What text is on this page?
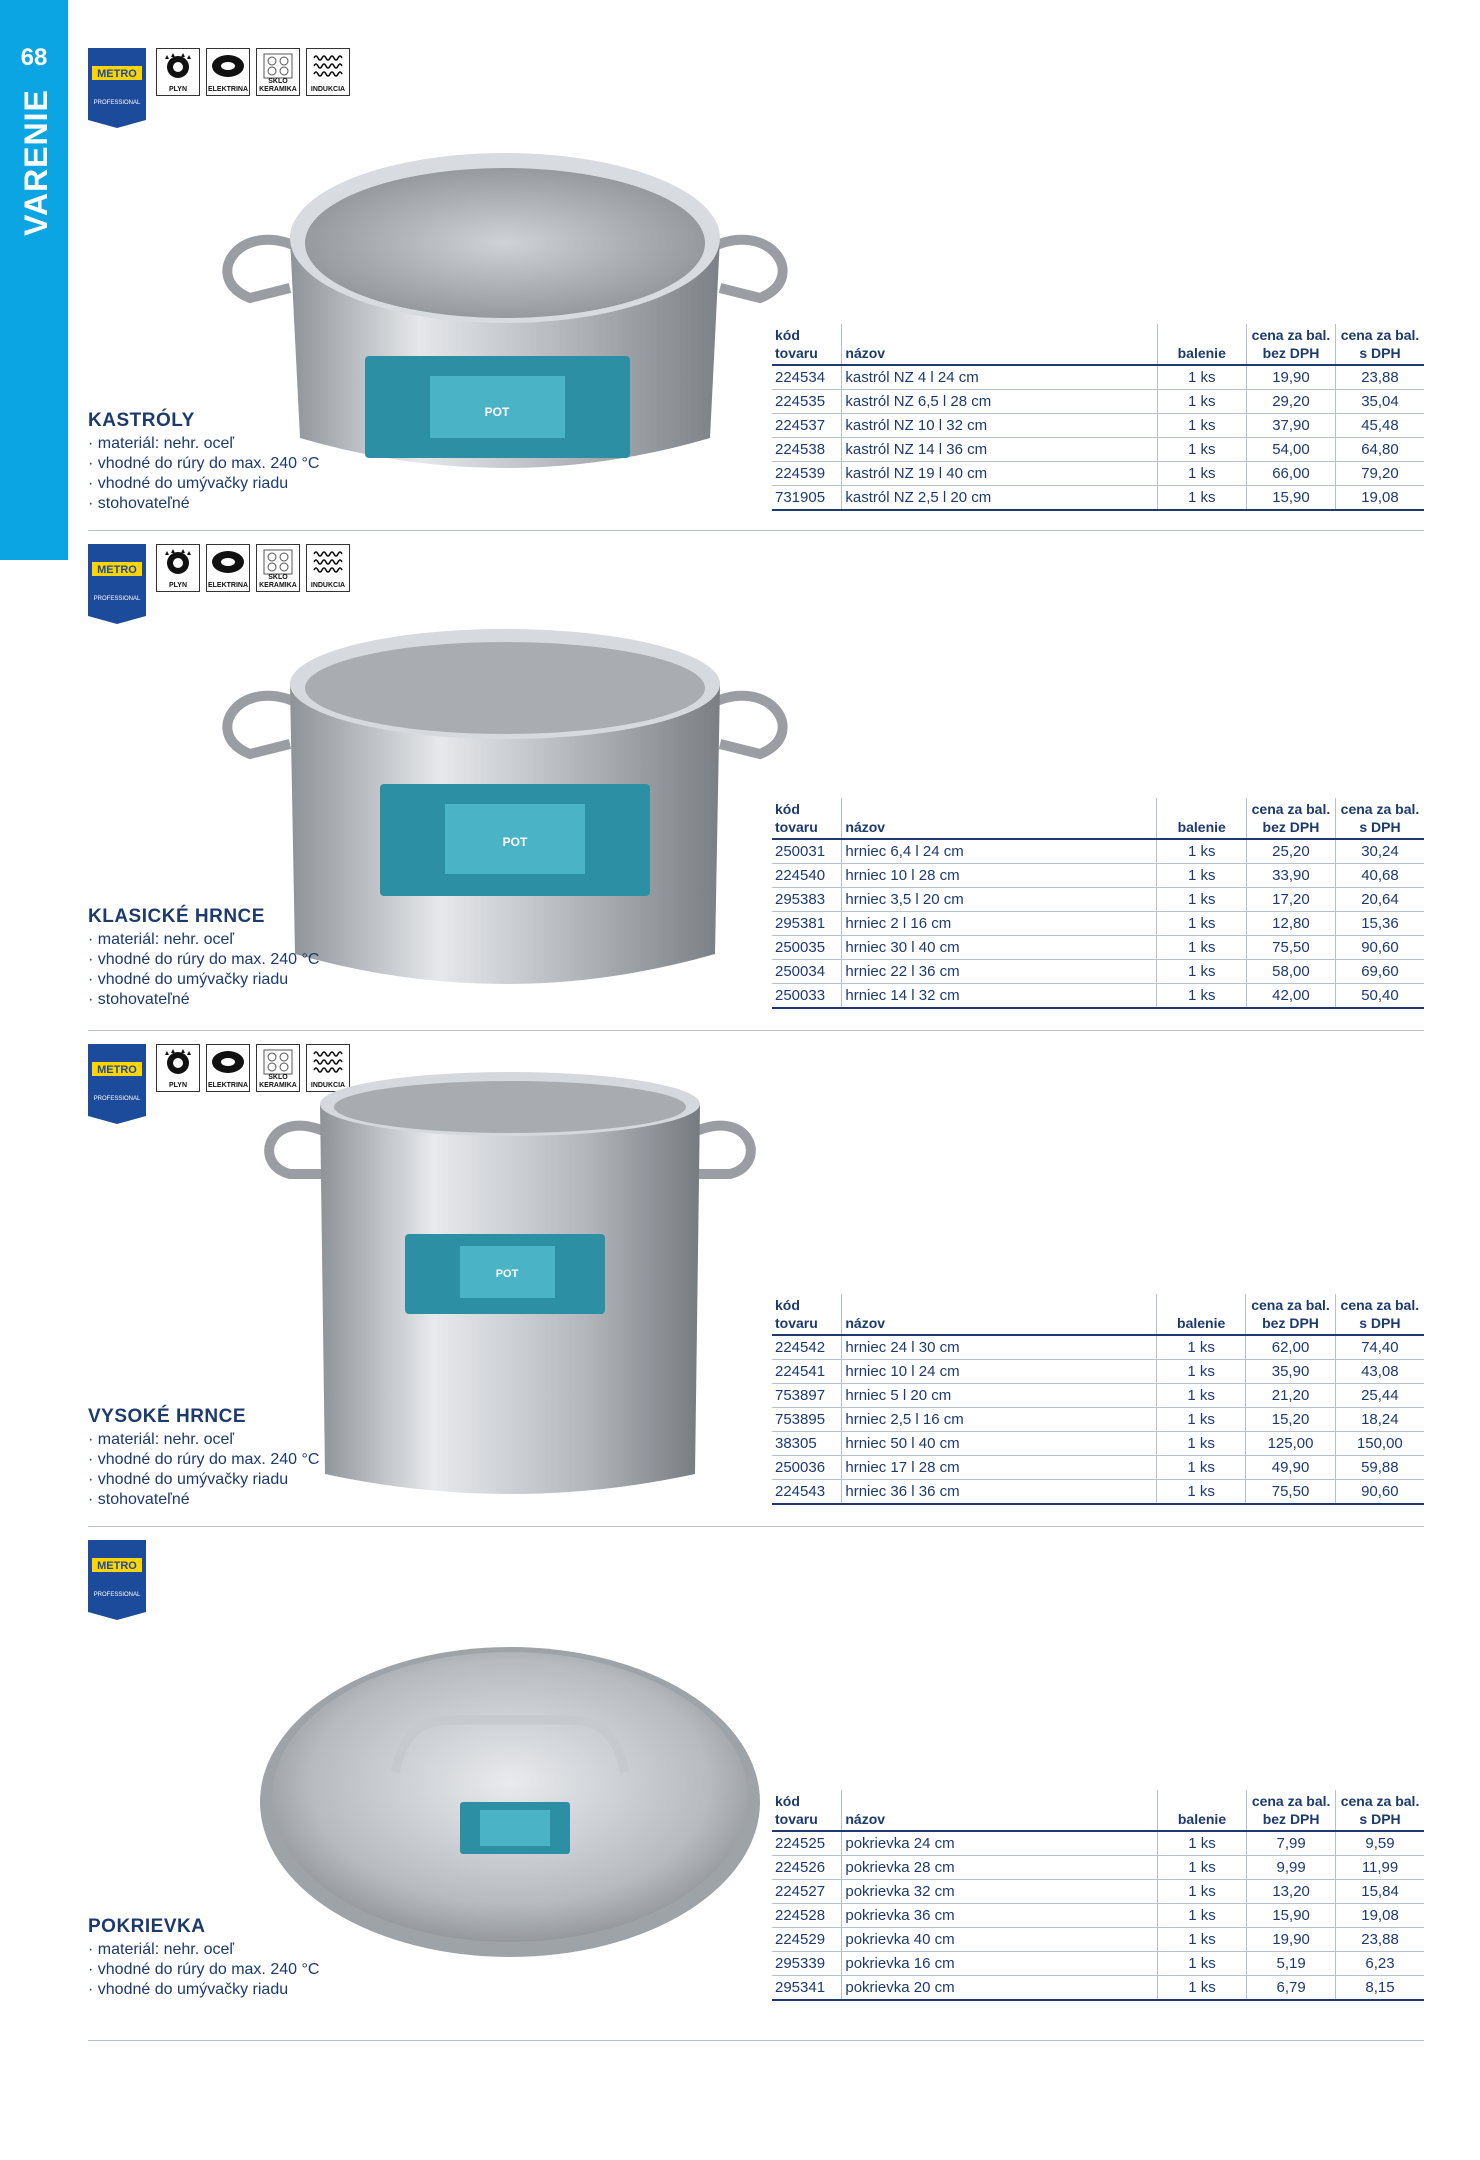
68
VARENIE
METRO
PROFESSIONAL
PLYN	ELEKTRINA
SKLO KERAMIKA	INDUKCIA
POT
KASTRÓLY
· materiál: nehr. oceľ
· vhodné do rúry do max. 240 °C
· vhodné do umývačky riadu
· stohovateľné
kód tovaru	názov	balenie	cena za bal. bez DPH	cena za bal. s DPH
224534	kastról NZ 4 l 24 cm	1 ks	19,90	23,88
224535	kastról NZ 6,5 l 28 cm	1 ks	29,20	35,04
224537	kastról NZ 10 l 32 cm	1 ks	37,90	45,48
224538	kastról NZ 14 l 36 cm	1 ks	54,00	64,80
224539	kastról NZ 19 l 40 cm	1 ks	66,00	79,20
731905	kastról NZ 2,5 l 20 cm	1 ks	15,90	19,08
METRO
PROFESSIONAL
PLYN	ELEKTRINA
SKLO KERAMIKA	INDUKCIA
POT
KLASICKÉ HRNCE
· materiál: nehr. oceľ
· vhodné do rúry do max. 240 °C
· vhodné do umývačky riadu
· stohovateľné
kód tovaru	názov	balenie	cena za bal. bez DPH	cena za bal. s DPH
250031	hrniec 6,4 l 24 cm	1 ks	25,20	30,24
224540	hrniec 10 l 28 cm	1 ks	33,90	40,68
295383	hrniec 3,5 l 20 cm	1 ks	17,20	20,64
295381	hrniec 2 l 16 cm	1 ks	12,80	15,36
250035	hrniec 30 l 40 cm	1 ks	75,50	90,60
250034	hrniec 22 l 36 cm	1 ks	58,00	69,60
250033	hrniec 14 l 32 cm	1 ks	42,00	50,40
METRO
PROFESSIONAL
PLYN	ELEKTRINA
SKLO KERAMIKA	INDUKCIA
POT
VYSOKÉ HRNCE
· materiál: nehr. oceľ
· vhodné do rúry do max. 240 °C
· vhodné do umývačky riadu
· stohovateľné
kód tovaru	názov	balenie	cena za bal. bez DPH	cena za bal. s DPH
224542	hrniec 24 l 30 cm	1 ks	62,00	74,40
224541	hrniec 10 l 24 cm	1 ks	35,90	43,08
753897	hrniec 5 l 20 cm	1 ks	21,20	25,44
753895	hrniec 2,5 l 16 cm	1 ks	15,20	18,24
38305	hrniec 50 l 40 cm	1 ks	125,00	150,00
250036	hrniec 17 l 28 cm	1 ks	49,90	59,88
224543	hrniec 36 l 36 cm	1 ks	75,50	90,60
METRO
PROFESSIONAL
POKRIEVKA
· materiál: nehr. oceľ
· vhodné do rúry do max. 240 °C
· vhodné do umývačky riadu
kód tovaru	názov	balenie	cena za bal. bez DPH	cena za bal. s DPH
224525	pokrievka 24 cm	1 ks	7,99	9,59
224526	pokrievka 28 cm	1 ks	9,99	11,99
224527	pokrievka 32 cm	1 ks	13,20	15,84
224528	pokrievka 36 cm	1 ks	15,90	19,08
224529	pokrievka 40 cm	1 ks	19,90	23,88
295339	pokrievka 16 cm	1 ks	5,19	6,23
295341	pokrievka 20 cm	1 ks	6,79	8,15
